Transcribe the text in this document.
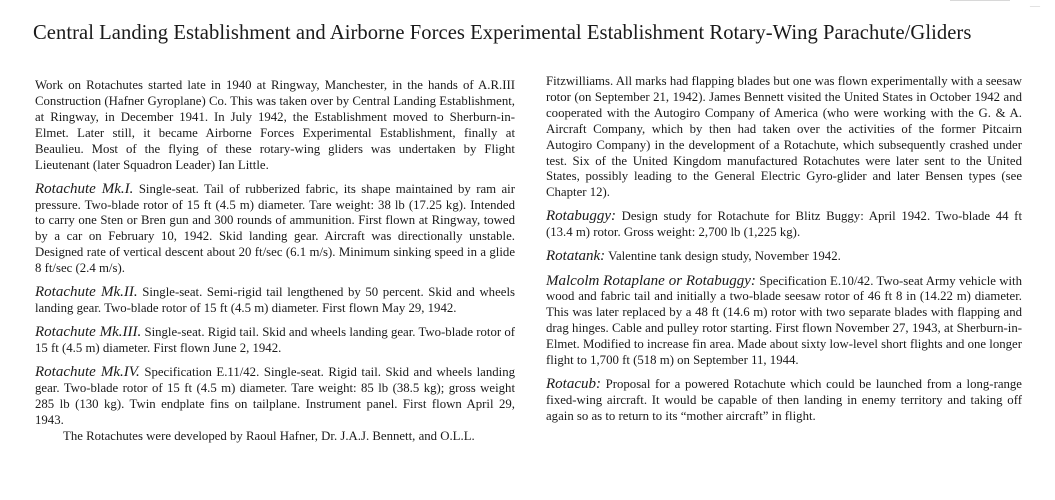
—
Central Landing Establishment and Airborne Forces Experimental Establishment Rotary-Wing Parachute/Gliders

Work on Rotachutes started late in 1940 at Ringway, Manchester, in the hands of A.R.III Construction (Hafner Gyroplane) Co. This was taken over by Central Landing Establishment, at Ringway, in December 1941. In July 1942, the Establishment moved to Sherburn-in-Elmet. Later still, it became Airborne Forces Experimental Establishment, finally at Beaulieu. Most of the flying of these rotary-wing gliders was undertaken by Flight Lieutenant (later Squadron Leader) Ian Little.

Rotachute Mk.I. Single-seat. Tail of rubberized fabric, its shape maintained by ram air pressure. Two-blade rotor of 15 ft (4.5 m) diameter. Tare weight: 38 lb (17.25 kg). Intended to carry one Sten or Bren gun and 300 rounds of ammunition. First flown at Ringway, towed by a car on February 10, 1942. Skid landing gear. Aircraft was directionally unstable. Designed rate of vertical descent about 20 ft/sec (6.1 m/s). Minimum sinking speed in a glide 8 ft/sec (2.4 m/s).

Rotachute Mk.II. Single-seat. Semi-rigid tail lengthened by 50 percent. Skid and wheels landing gear. Two-blade rotor of 15 ft (4.5 m) diameter. First flown May 29, 1942.

Rotachute Mk.III. Single-seat. Rigid tail. Skid and wheels landing gear. Two-blade rotor of 15 ft (4.5 m) diameter. First flown June 2, 1942.

Rotachute Mk.IV. Specification E.11/42. Single-seat. Rigid tail. Skid and wheels landing gear. Two-blade rotor of 15 ft (4.5 m) diameter. Tare weight: 85 lb (38.5 kg); gross weight 285 lb (130 kg). Twin endplate fins on tailplane. Instrument panel. First flown April 29, 1943.

The Rotachutes were developed by Raoul Hafner, Dr. J.A.J. Bennett, and O.L.L.

Fitzwilliams. All marks had flapping blades but one was flown experimentally with a seesaw rotor (on September 21, 1942). James Bennett visited the United States in October 1942 and cooperated with the Autogiro Company of America (who were working with the G. & A. Aircraft Company, which by then had taken over the activities of the former Pitcairn Autogiro Company) in the development of a Rotachute, which subsequently crashed under test. Six of the United Kingdom manufactured Rotachutes were later sent to the United States, possibly leading to the General Electric Gyro-glider and later Bensen types (see Chapter 12).

Rotabuggy: Design study for Rotachute for Blitz Buggy: April 1942. Two-blade 44 ft (13.4 m) rotor. Gross weight: 2,700 lb (1,225 kg).

Rotatank: Valentine tank design study, November 1942.

Malcolm Rotaplane or Rotabuggy: Specification E.10/42. Two-seat Army vehicle with wood and fabric tail and initially a two-blade seesaw rotor of 46 ft 8 in (14.22 m) diameter. This was later replaced by a 48 ft (14.6 m) rotor with two separate blades with flapping and drag hinges. Cable and pulley rotor starting. First flown November 27, 1943, at Sherburn-in-Elmet. Modified to increase fin area. Made about sixty low-level short flights and one longer flight to 1,700 ft (518 m) on September 11, 1944.

Rotacub: Proposal for a powered Rotachute which could be launched from a long-range fixed-wing aircraft. It would be capable of then landing in enemy territory and taking off again so as to return to its “mother aircraft” in flight.
